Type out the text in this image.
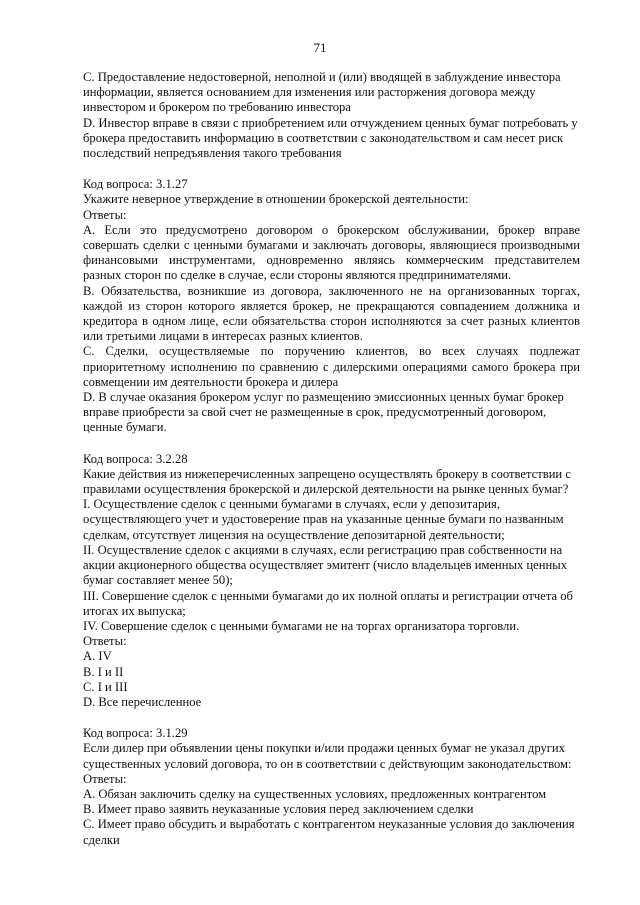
71

C. Предоставление недостоверной, неполной и (или) вводящей в заблуждение инвестора информации, является основанием для изменения или расторжения договора между инвестором и брокером по требованию инвестора

D. Инвестор вправе в связи с приобретением или отчуждением ценных бумаг потребовать у брокера предоставить информацию в соответствии с законодательством и сам несет риск последствий непредъявления такого требования

Код вопроса: 3.1.27

Укажите неверное утверждение в отношении брокерской деятельности:

Ответы:

A. Если это предусмотрено договором о брокерском обслуживании, брокер вправе совершать сделки с ценными бумагами и заключать договоры, являющиеся производными финансовыми инструментами, одновременно являясь коммерческим представителем разных сторон по сделке в случае, если стороны являются предпринимателями.

B. Обязательства, возникшие из договора, заключенного не на организованных торгах, каждой из сторон которого является брокер, не прекращаются совпадением должника и кредитора в одном лице, если обязательства сторон исполняются за счет разных клиентов или третьими лицами в интересах разных клиентов.

C. Сделки, осуществляемые по поручению клиентов, во всех случаях подлежат приоритетному исполнению по сравнению с дилерскими операциями самого брокера при совмещении им деятельности брокера и дилера

D. В случае оказания брокером услуг по размещению эмиссионных ценных бумаг брокер вправе приобрести за свой счет не размещенные в срок, предусмотренный договором, ценные бумаги.

Код вопроса: 3.2.28

Какие действия из нижеперечисленных запрещено осуществлять брокеру в соответствии с правилами осуществления брокерской и дилерской деятельности на рынке ценных бумаг?

I. Осуществление сделок с ценными бумагами в случаях, если у депозитария, осуществляющего учет и удостоверение прав на указанные ценные бумаги по названным сделкам, отсутствует лицензия на осуществление депозитарной деятельности;

II. Осуществление сделок с акциями в случаях, если регистрацию прав собственности на акции акционерного общества осуществляет эмитент (число владельцев именных ценных бумаг составляет менее 50);

III. Совершение сделок с ценными бумагами до их полной оплаты и регистрации отчета об итогах их выпуска;

IV. Совершение сделок с ценными бумагами не на торгах организатора торговли.

Ответы:

A. IV

B. I и II

C. I и III

D. Все перечисленное

Код вопроса: 3.1.29

Если дилер при объявлении цены покупки и/или продажи ценных бумаг не указал других существенных условий договора, то он в соответствии с действующим законодательством:

Ответы:

A. Обязан заключить сделку на существенных условиях, предложенных контрагентом

B. Имеет право заявить неуказанные условия перед заключением сделки

C. Имеет право обсудить и выработать с контрагентом неуказанные условия до заключения сделки
